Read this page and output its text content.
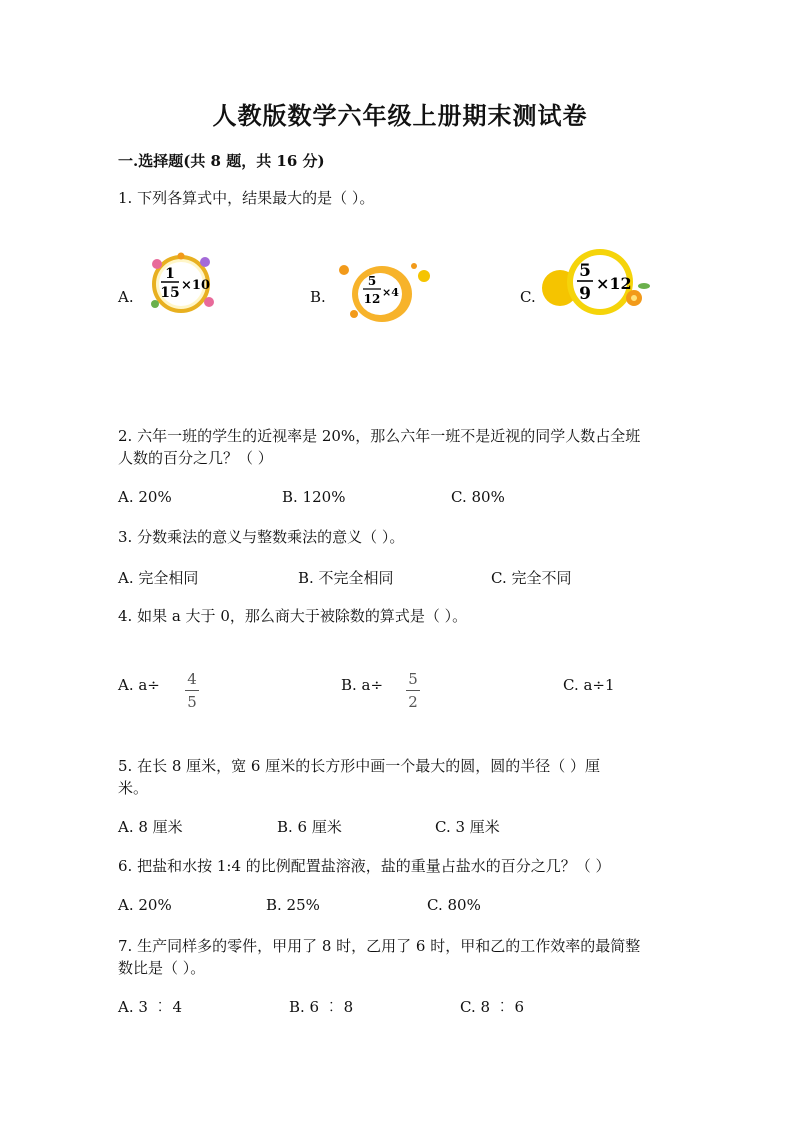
人教版数学六年级上册期末测试卷
一.选择题(共 8 题，共 16 分)
1. 下列各算式中，结果最大的是（ ）。
A.
1
15 ×10
B.
5
12 ×4	C.
5
9
×12
2. 六年一班的学生的近视率是 20%，那么六年一班不是近视的同学人数占全班
人数的百分之几？（ ）
A. 20%	B. 120%	C. 80%
3. 分数乘法的意义与整数乘法的意义（ ）。
A. 完全相同	B. 不完全相同	C. 完全不同
4. 如果 a 大于 0，那么商大于被除数的算式是（ ）。
A. a÷	4
5
B. a÷	5
2
C. a÷1
5. 在长 8 厘米，宽 6 厘米的长方形中画一个最大的圆，圆的半径（ ）厘
米。
A. 8 厘米	B. 6 厘米	C. 3 厘米
6. 把盐和水按 1:4 的比例配置盐溶液，盐的重量占盐水的百分之几？（ ）
A. 20%	B. 25%	C. 80%
7. 生产同样多的零件，甲用了 8 时，乙用了 6 时，甲和乙的工作效率的最简整
数比是（ ）。
A. 3 ︰ 4	B. 6 ︰ 8	C. 8 ︰ 6
